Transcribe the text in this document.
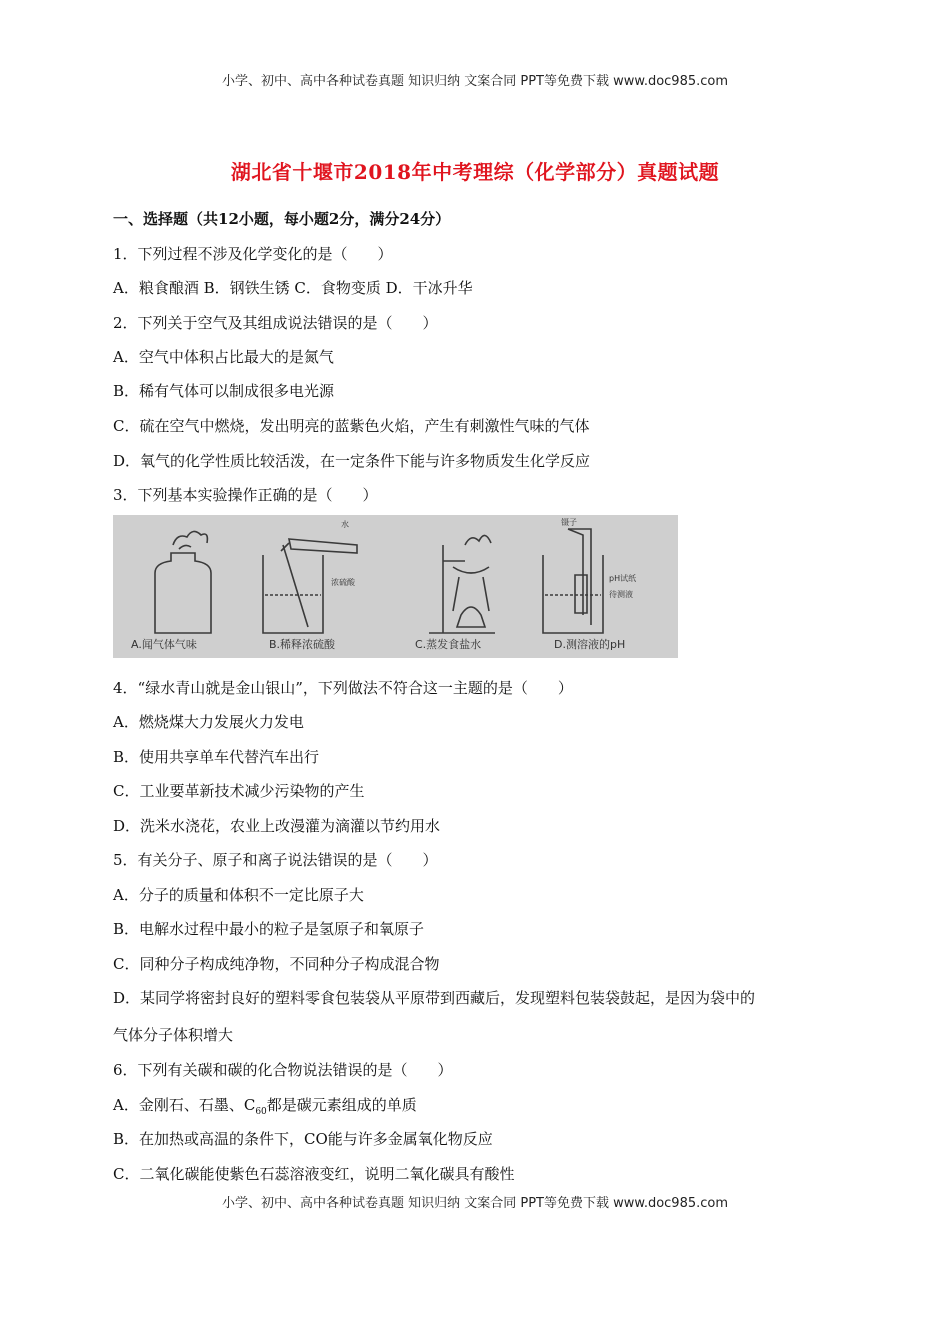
小学、初中、高中各种试卷真题 知识归纳 文案合同 PPT等免费下载 www.doc985.com
湖北省十堰市2018年中考理综（化学部分）真题试题
一、选择题（共12小题，每小题2分，满分24分）
1．下列过程不涉及化学变化的是（　　）
A．粮食酿酒 B．钢铁生锈 C．食物变质 D．干冰升华
2．下列关于空气及其组成说法错误的是（　　）
A．空气中体积占比最大的是氮气
B．稀有气体可以制成很多电光源
C．硫在空气中燃烧，发出明亮的蓝紫色火焰，产生有刺激性气味的气体
D．氧气的化学性质比较活泼，在一定条件下能与许多物质发生化学反应
3．下列基本实验操作正确的是（　　）
水
浓硫酸
镊子
pH试纸
待测液
A.闻气体气味	B.稀释浓硫酸	C.蒸发食盐水	D.测溶液的pH
4．“绿水青山就是金山银山”，下列做法不符合这一主题的是（　　）
A．燃烧煤大力发展火力发电
B．使用共享单车代替汽车出行
C．工业要革新技术减少污染物的产生
D．洗米水浇花，农业上改漫灌为滴灌以节约用水
5．有关分子、原子和离子说法错误的是（　　）
A．分子的质量和体积不一定比原子大
B．电解水过程中最小的粒子是氢原子和氧原子
C．同种分子构成纯净物，不同种分子构成混合物
D．某同学将密封良好的塑料零食包装袋从平原带到西藏后，发现塑料包装袋鼓起，是因为袋中的
气体分子体积增大
6．下列有关碳和碳的化合物说法错误的是（　　）
A．金刚石、石墨、$C_{60}$都是碳元素组成的单质
B．在加热或高温的条件下，CO能与许多金属氧化物反应
C．二氧化碳能使紫色石蕊溶液变红，说明二氧化碳具有酸性
小学、初中、高中各种试卷真题 知识归纳 文案合同 PPT等免费下载 www.doc985.com
